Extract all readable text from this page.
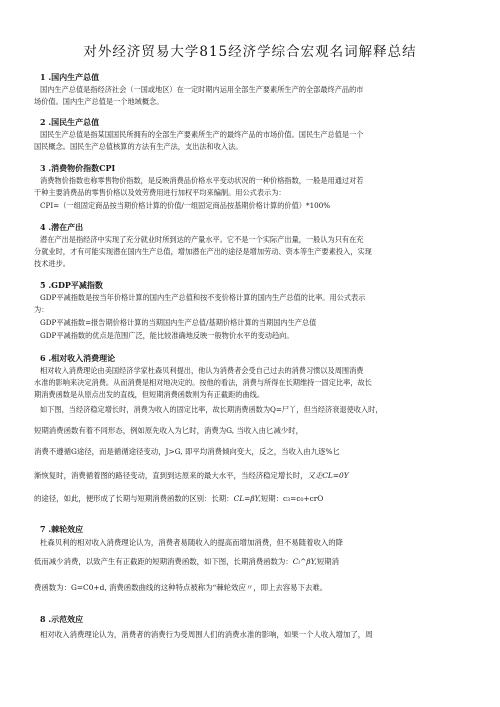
对外经济贸易大学815经济学综合宏观名词解释总结
1 .国内生产总值
国内生产总值是指经济社会（一国或地区）在一定时期内运用全部生产要素所生产的全部最终产品的市
场价值。国内生产总值是一个地域概念。
2 .国民生产总值
国民生产总值是指某国国民所拥有的全部生产要素所生产的最终产品的市场价值。国民生产总值是一个
国民概念。国民生产总值核算的方法有生产法，支出法和收入法。
3 .消费物价指数CPI
消费物价指数也称零售物价指数，是反映消费品价格水平变动状况的一种价格指数，一般是用通过对若
干种主要消费品的零售价格以及效劳费用进行加权平均来编制。用公式表示为：
CPI=（一组固定商品按当期价格计算的价值/一组固定商品按基期价格计算的价值）*100%
4 .潜在产出
潜在产出是指经济中实现了充分就业时所到达的产量水平。它不是一个实际产出量，一般认为只有在充
分就业时，才有可能实现潜在国内生产总值，增加潜在产出的途径是增加劳动、资本等生产要素投入，实现
技术进步。
5 .GDP平减指数
GDP平减指数是按当年价格计算的国内生产总值和按不变价格计算的国内生产总值的比率。用公式表示
为：
GDP平减指数=报告期价格计算的当期国内生产总值/基期价格计算的当期国内生产总值
GDP平减指数的优点是范围广泛，能比较准确地反映一般物价水平的变动趋向。
6 .相对收入消费理论
相对收入消费理论由美国经济学家杜森贝利提出，他认为消费者会受自己过去的消费习惯以及周围消费
水准的影响来决定消费。从而消费是相对地决定的。按他的看法，消费与所得在长期维持一固定比率，故长
期消费函数是从原点出发的直线，但短期消费函数则为有正截距的曲线。
如下图，当经济稳定增长时，消费为收入的固定比率，故长期消费函数为Q=尸丫，但当经济衰退使收入时，
短期消费函数有着不同形态，例如原先收入为匕时，消费为G, 当收入由匕减少时，
消费不遵循G途径，而是循循途径变动，J>G, 即平均消费倾向变大，反之，当收入由九逐%匕
渐恢复时，消费循着图的路径变动，直到到达原来的最大水平，当经济稳定增长时，又走CL=0Y
的途径，如此，便形成了长期与短期消费函数的区别：长期：CL=βY,短期：c₃=c₀+crO
7 .棘轮效应
杜森贝利的相对收入消费理论认为，消费者易随收入的提高而增加消费，但不易随着收入的降
低而减少消费，以致产生有正截距的短期消费函数，如下图，长期消费函数为：Cₗ^βY,短期消
费函数为：G=C0+d, 消费函数曲线的这种特点被称为“棘轮效应〃，即上去容易下去难。
8 .示范效应
相对收入消费理论认为，消费者的消费行为受周围人们的消费水准的影响，如果一个人收入增加了，周
